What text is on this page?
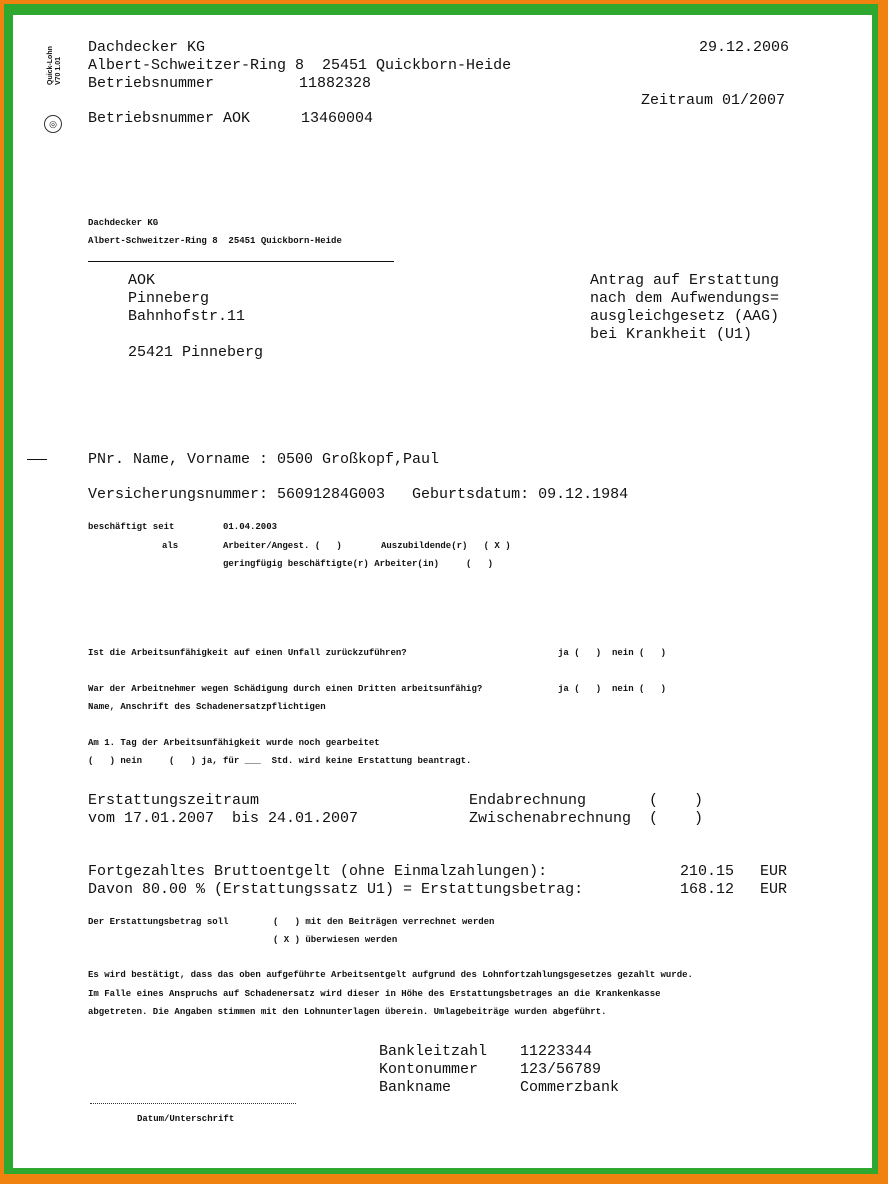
Quick-Lohn
V70 1.01
◎
Dachdecker KG
Albert-Schweitzer-Ring 8  25451 Quickborn-Heide
Betriebsnummer	11882328
Betriebsnummer AOK	13460004
29.12.2006
Zeitraum 01/2007
Dachdecker KG
Albert-Schweitzer-Ring 8  25451 Quickborn-Heide
AOK
Pinneberg
Bahnhofstr.11
25421 Pinneberg
Antrag auf Erstattung
nach dem Aufwendungs=
ausgleichgesetz (AAG)
bei Krankheit (U1)
PNr. Name, Vorname : 0500 Großkopf,Paul
Versicherungsnummer: 56091284G003   Geburtsdatum: 09.12.1984
beschäftigt seit	01.04.2003
als	Arbeiter/Angest. (   )	Auszubildende(r)   ( X )
geringfügig beschäftigte(r) Arbeiter(in)     (   )
Ist die Arbeitsunfähigkeit auf einen Unfall zurückzuführen?	ja (   )  nein (   )
War der Arbeitnehmer wegen Schädigung durch einen Dritten arbeitsunfähig?	ja (   )  nein (   )
Name, Anschrift des Schadenersatzpflichtigen
Am 1. Tag der Arbeitsunfähigkeit wurde noch gearbeitet
(   ) nein     (   ) ja, für ___  Std. wird keine Erstattung beantragt.
Erstattungszeitraum
vom 17.01.2007  bis 24.01.2007
Endabrechnung       (    )
Zwischenabrechnung  (    )
Fortgezahltes Bruttoentgelt (ohne Einmalzahlungen):	210.15 EUR
Davon 80.00 % (Erstattungssatz U1) = Erstattungsbetrag:	168.12 EUR
Der Erstattungsbetrag soll	(   ) mit den Beiträgen verrechnet werden
( X ) überwiesen werden
Es wird bestätigt, dass das oben aufgeführte Arbeitsentgelt aufgrund des Lohnfortzahlungsgesetzes gezahlt wurde.
Im Falle eines Anspruchs auf Schadenersatz wird dieser in Höhe des Erstattungsbetrages an die Krankenkasse
abgetreten. Die Angaben stimmen mit den Lohnunterlagen überein. Umlagebeiträge wurden abgeführt.
Bankleitzahl 11223344
Kontonummer	123/56789
Bankname	Commerzbank
Datum/Unterschrift
